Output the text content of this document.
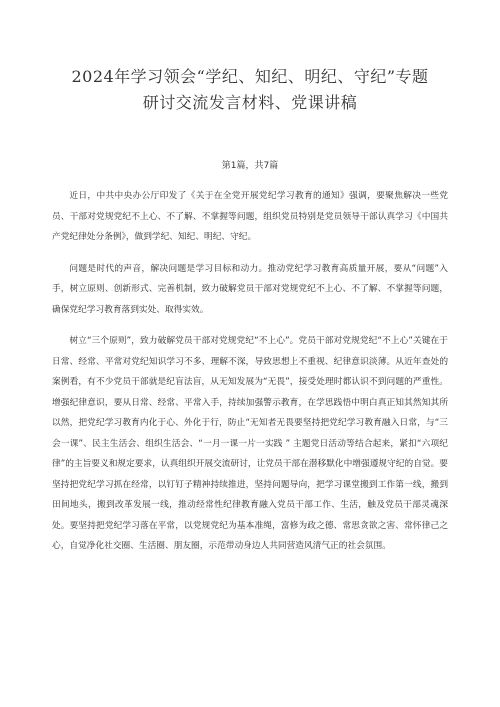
2024年学习领会“学纪、知纪、明纪、守纪”专题
研讨交流发言材料、党课讲稿
第1篇，共7篇

近日，中共中央办公厅印发了《关于在全党开展党纪学习教育的通知》强调，要聚焦解决一些党员、干部对党规党纪不上心、不了解、不掌握等问题，组织党员特别是党员领导干部认真学习《中国共产党纪律处分条例》，做到学纪、知纪、明纪、守纪。

问题是时代的声音，解决问题是学习目标和动力。推动党纪学习教育高质量开展，要从“问题”入手，树立原则、创新形式、完善机制，致力破解党员干部对党规党纪不上心、不了解、不掌握等问题，确保党纪学习教育落到实处、取得实效。

树立“三个原则”，致力破解党员干部对党规党纪“不上心”。党员干部对党规党纪“不上心”关键在于日常、经常、平常对党纪知识学习不多、理解不深，导致思想上不重视、纪律意识淡薄。从近年查处的案例看，有不少党员干部就是纪盲法盲，从无知发展为“无畏”，接受处理时都认识不到问题的严重性。增强纪律意识，要从日常、经常、平常入手，持续加强警示教育，在学思践悟中明白真正知其然知其所以然，把党纪学习教育内化于心、外化于行，防止“无知者无畏要坚持把党纪学习教育融入日常，与“三会一课”、民主生活会、组织生活会、“一月一课一片一实践 ” 主题党日活动等结合起来，紧扣“六项纪律”的主旨要义和规定要求，认真组织开展交流研讨，让党员干部在潜移默化中增强遵规守纪的自觉。要坚持把党纪学习抓在经常，以钉钉子精神持续推进，坚持问题导向，把学习课堂搬到工作第一线，搬到田间地头，搬到改革发展一线，推动经常性纪律教育融入党员干部工作、生活，触及党员干部灵魂深处。要坚持把党纪学习落在平常，以党规党纪为基本准绳，富修为政之德、常思贪欲之害、常怀律己之心，自觉净化社交圈、生活圈、朋友圈，示范带动身边人共同营造风清气正的社会氛围。
